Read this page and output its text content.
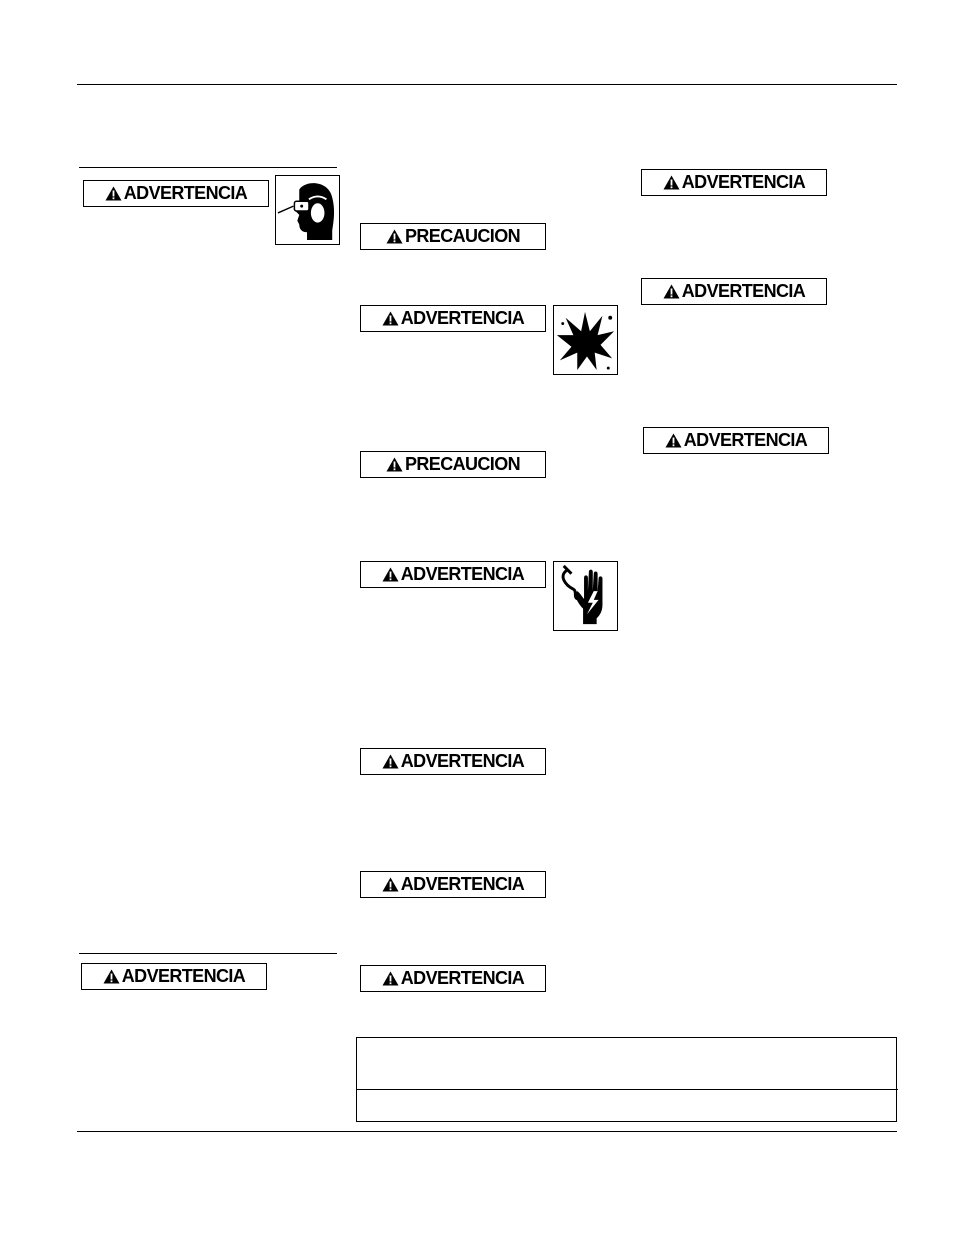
ADVERTENCIA
ADVERTENCIA
PRECAUCION
ADVERTENCIA
PRECAUCION
ADVERTENCIA
ADVERTENCIA
ADVERTENCIA
ADVERTENCIA
ADVERTENCIA
ADVERTENCIA
ADVERTENCIA
